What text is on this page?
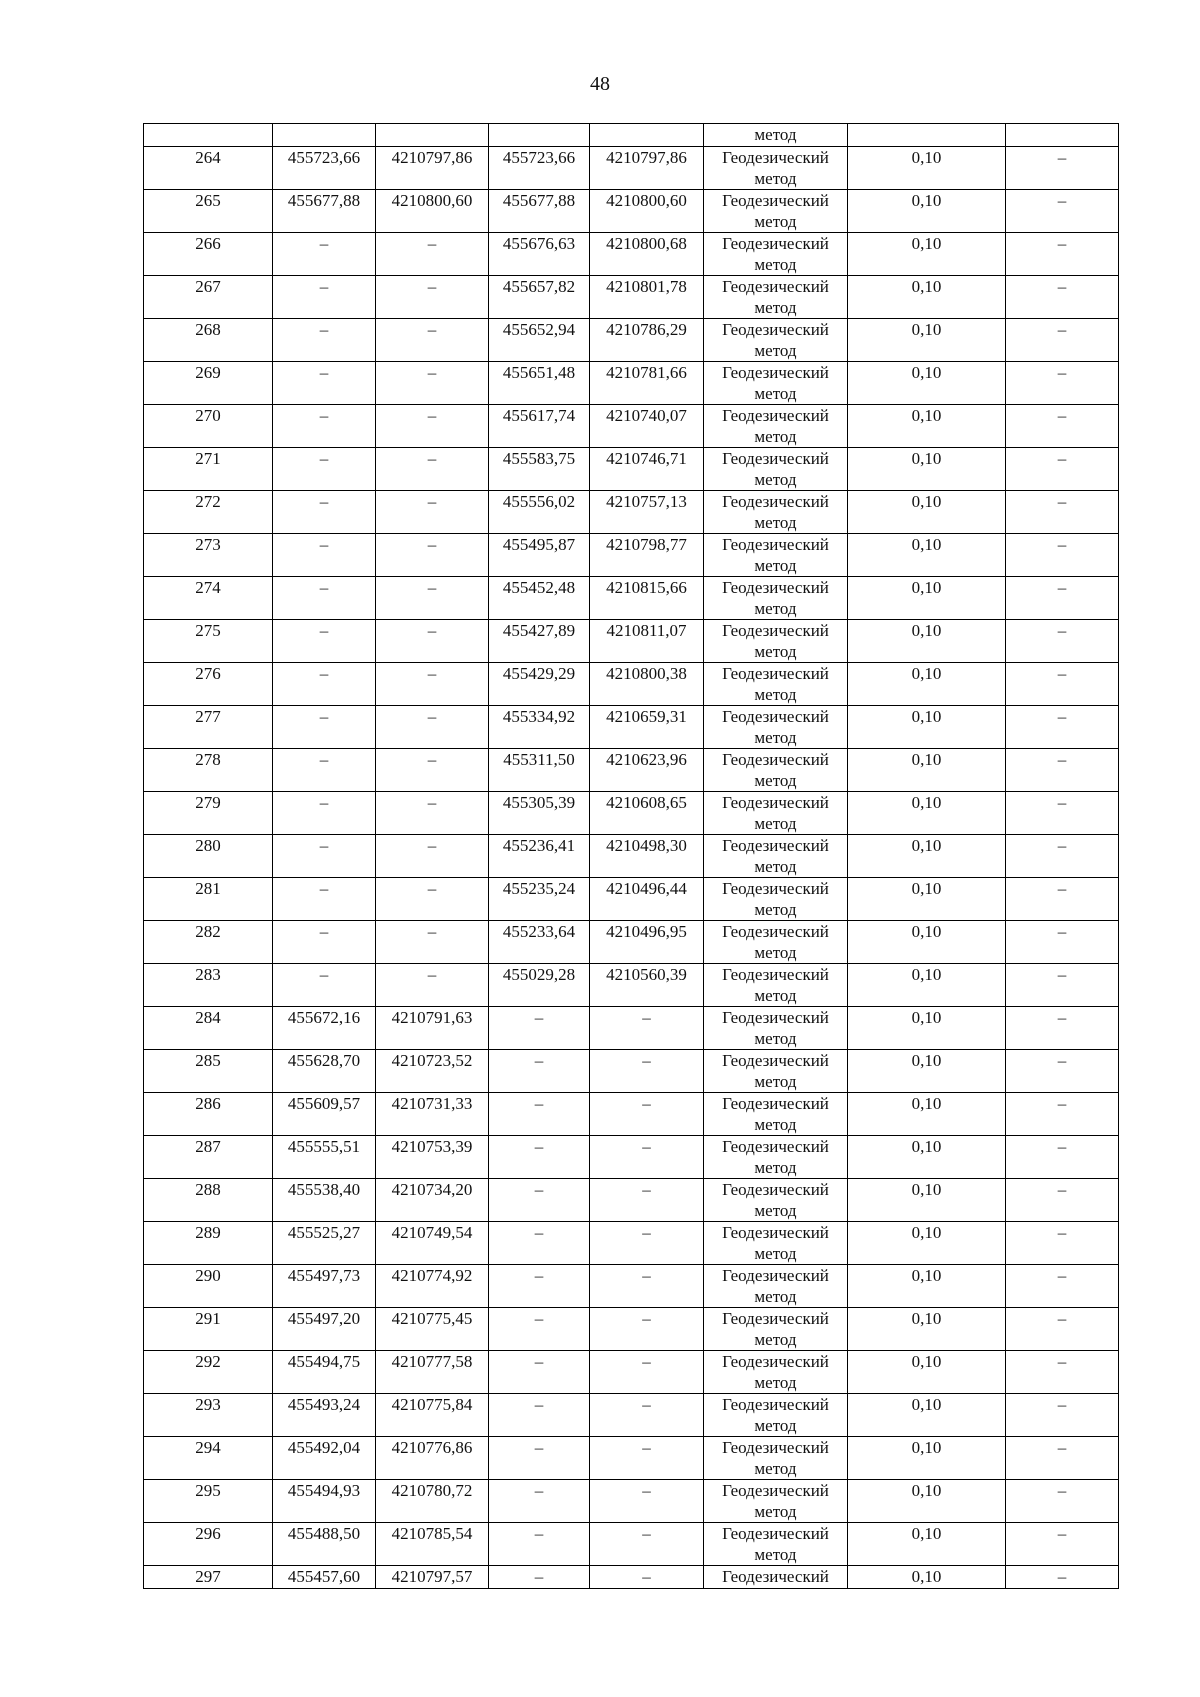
48
					метод		
264	455723,66	4210797,86	455723,66	4210797,86	Геодезический
метод	0,10	–
265	455677,88	4210800,60	455677,88	4210800,60	Геодезический
метод	0,10	–
266	–	–	455676,63	4210800,68	Геодезический
метод	0,10	–
267	–	–	455657,82	4210801,78	Геодезический
метод	0,10	–
268	–	–	455652,94	4210786,29	Геодезический
метод	0,10	–
269	–	–	455651,48	4210781,66	Геодезический
метод	0,10	–
270	–	–	455617,74	4210740,07	Геодезический
метод	0,10	–
271	–	–	455583,75	4210746,71	Геодезический
метод	0,10	–
272	–	–	455556,02	4210757,13	Геодезический
метод	0,10	–
273	–	–	455495,87	4210798,77	Геодезический
метод	0,10	–
274	–	–	455452,48	4210815,66	Геодезический
метод	0,10	–
275	–	–	455427,89	4210811,07	Геодезический
метод	0,10	–
276	–	–	455429,29	4210800,38	Геодезический
метод	0,10	–
277	–	–	455334,92	4210659,31	Геодезический
метод	0,10	–
278	–	–	455311,50	4210623,96	Геодезический
метод	0,10	–
279	–	–	455305,39	4210608,65	Геодезический
метод	0,10	–
280	–	–	455236,41	4210498,30	Геодезический
метод	0,10	–
281	–	–	455235,24	4210496,44	Геодезический
метод	0,10	–
282	–	–	455233,64	4210496,95	Геодезический
метод	0,10	–
283	–	–	455029,28	4210560,39	Геодезический
метод	0,10	–
284	455672,16	4210791,63	–	–	Геодезический
метод	0,10	–
285	455628,70	4210723,52	–	–	Геодезический
метод	0,10	–
286	455609,57	4210731,33	–	–	Геодезический
метод	0,10	–
287	455555,51	4210753,39	–	–	Геодезический
метод	0,10	–
288	455538,40	4210734,20	–	–	Геодезический
метод	0,10	–
289	455525,27	4210749,54	–	–	Геодезический
метод	0,10	–
290	455497,73	4210774,92	–	–	Геодезический
метод	0,10	–
291	455497,20	4210775,45	–	–	Геодезический
метод	0,10	–
292	455494,75	4210777,58	–	–	Геодезический
метод	0,10	–
293	455493,24	4210775,84	–	–	Геодезический
метод	0,10	–
294	455492,04	4210776,86	–	–	Геодезический
метод	0,10	–
295	455494,93	4210780,72	–	–	Геодезический
метод	0,10	–
296	455488,50	4210785,54	–	–	Геодезический
метод	0,10	–
297	455457,60	4210797,57	–	–	Геодезический	0,10	–
